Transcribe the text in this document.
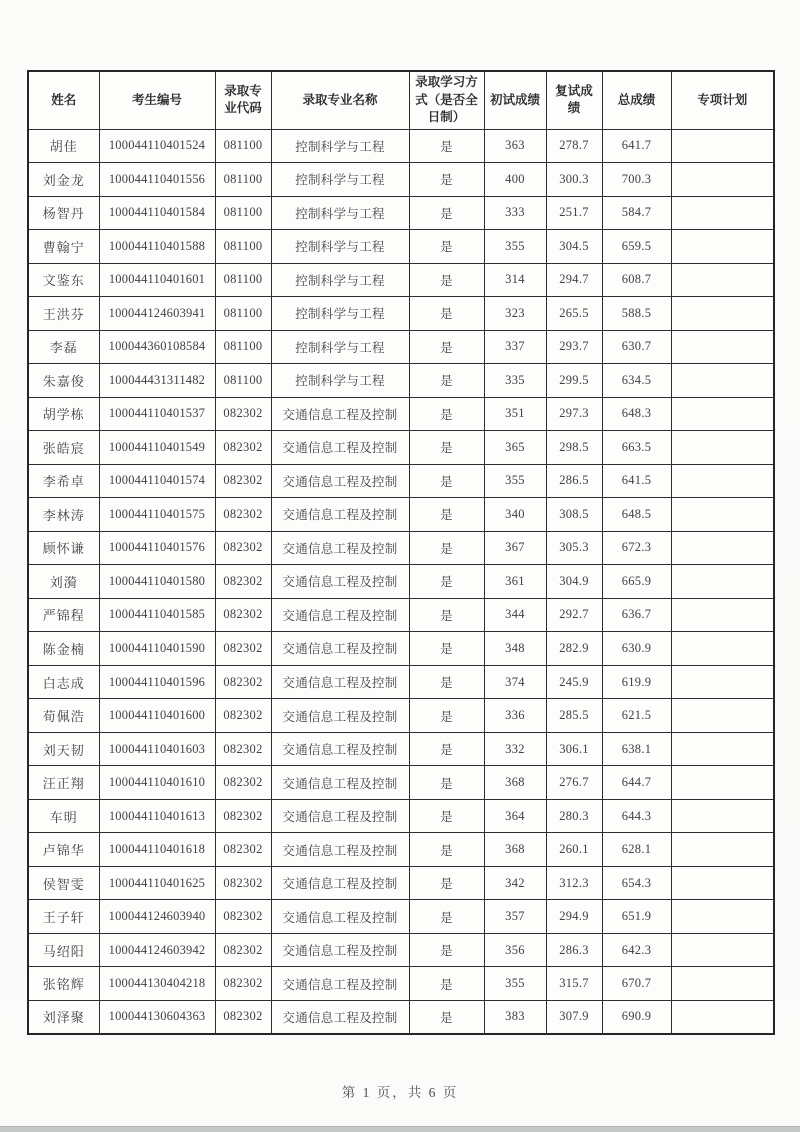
姓名	考生编号	录取专业代码	录取专业名称	录取学习方式（是否全日制）	初试成绩	复试成绩	总成绩	专项计划
胡佳	100044110401524	081100	控制科学与工程	是	363	278.7	641.7	
刘金龙	100044110401556	081100	控制科学与工程	是	400	300.3	700.3	
杨智丹	100044110401584	081100	控制科学与工程	是	333	251.7	584.7	
曹翰宁	100044110401588	081100	控制科学与工程	是	355	304.5	659.5	
文鉴东	100044110401601	081100	控制科学与工程	是	314	294.7	608.7	
王洪芬	100044124603941	081100	控制科学与工程	是	323	265.5	588.5	
李磊	100044360108584	081100	控制科学与工程	是	337	293.7	630.7	
朱嘉俊	100044431311482	081100	控制科学与工程	是	335	299.5	634.5	
胡学栋	100044110401537	082302	交通信息工程及控制	是	351	297.3	648.3	
张皓宸	100044110401549	082302	交通信息工程及控制	是	365	298.5	663.5	
李希卓	100044110401574	082302	交通信息工程及控制	是	355	286.5	641.5	
李林涛	100044110401575	082302	交通信息工程及控制	是	340	308.5	648.5	
顾怀谦	100044110401576	082302	交通信息工程及控制	是	367	305.3	672.3	
刘漪	100044110401580	082302	交通信息工程及控制	是	361	304.9	665.9	
严锦程	100044110401585	082302	交通信息工程及控制	是	344	292.7	636.7	
陈金楠	100044110401590	082302	交通信息工程及控制	是	348	282.9	630.9	
白志成	100044110401596	082302	交通信息工程及控制	是	374	245.9	619.9	
荀佩浩	100044110401600	082302	交通信息工程及控制	是	336	285.5	621.5	
刘天韧	100044110401603	082302	交通信息工程及控制	是	332	306.1	638.1	
汪正翔	100044110401610	082302	交通信息工程及控制	是	368	276.7	644.7	
车明	100044110401613	082302	交通信息工程及控制	是	364	280.3	644.3	
卢锦华	100044110401618	082302	交通信息工程及控制	是	368	260.1	628.1	
侯智雯	100044110401625	082302	交通信息工程及控制	是	342	312.3	654.3	
王子轩	100044124603940	082302	交通信息工程及控制	是	357	294.9	651.9	
马绍阳	100044124603942	082302	交通信息工程及控制	是	356	286.3	642.3	
张铭辉	100044130404218	082302	交通信息工程及控制	是	355	315.7	670.7	
刘泽聚	100044130604363	082302	交通信息工程及控制	是	383	307.9	690.9	
第 1 页，共 6 页
